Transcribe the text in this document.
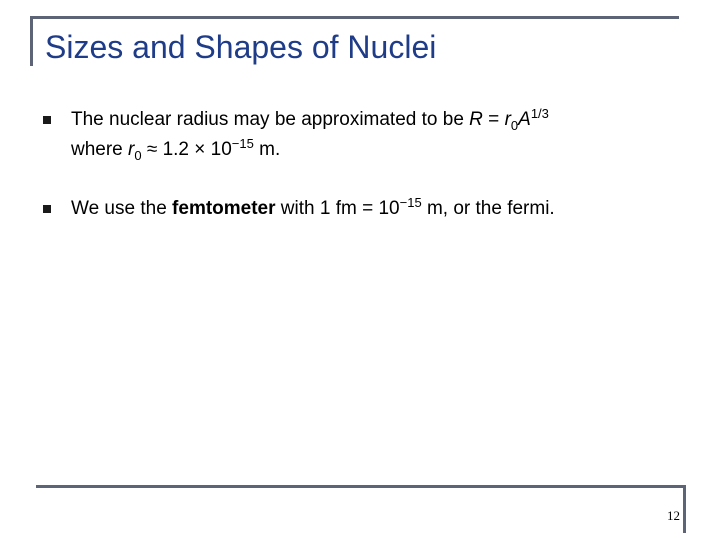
Sizes and Shapes of Nuclei
The nuclear radius may be approximated to be $R = r_0A^{1/3}$
where $r_0 \approx 1.2 \times 10^{-15}$ m.
We use the femtometer with 1 fm = $10^{-15}$ m, or the fermi.
12
